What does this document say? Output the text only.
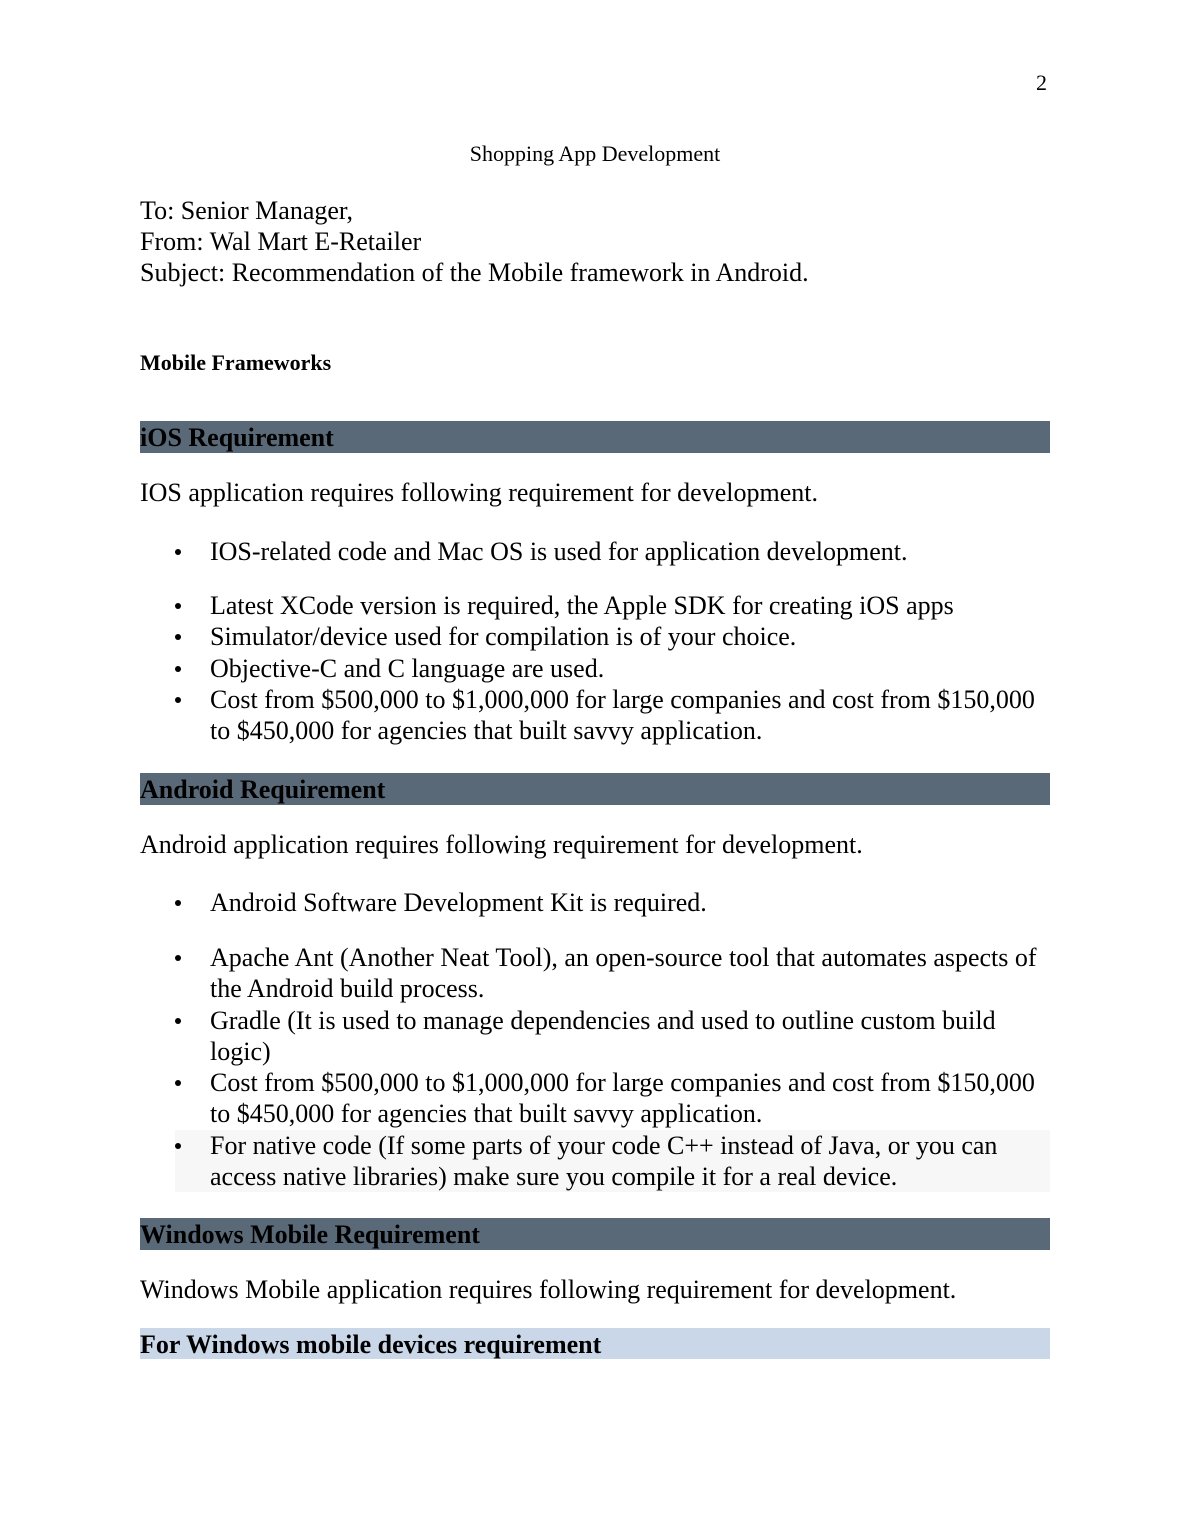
2
Shopping App Development
To: Senior Manager,
From: Wal Mart E-Retailer
Subject: Recommendation of the Mobile framework in Android.
Mobile Frameworks
iOS Requirement
IOS application requires following requirement for development.
IOS-related code and Mac OS is used for application development.
Latest XCode version is required, the Apple SDK for creating iOS apps
Simulator/device used for compilation is of your choice.
Objective-C and C language are used.
Cost from $500,000 to $1,000,000 for large companies and cost from $150,000 to $450,000 for agencies that built savvy application.
Android Requirement
Android application requires following requirement for development.
Android Software Development Kit is required.
Apache Ant (Another Neat Tool), an open-source tool that automates aspects of the Android build process.
Gradle (It is used to manage dependencies and used to outline custom build logic)
Cost from $500,000 to $1,000,000 for large companies and cost from $150,000 to $450,000 for agencies that built savvy application.
For native code (If some parts of your code C++ instead of Java, or you can access native libraries) make sure you compile it for a real device.
Windows Mobile Requirement
Windows Mobile application requires following requirement for development.
For Windows mobile devices requirement
